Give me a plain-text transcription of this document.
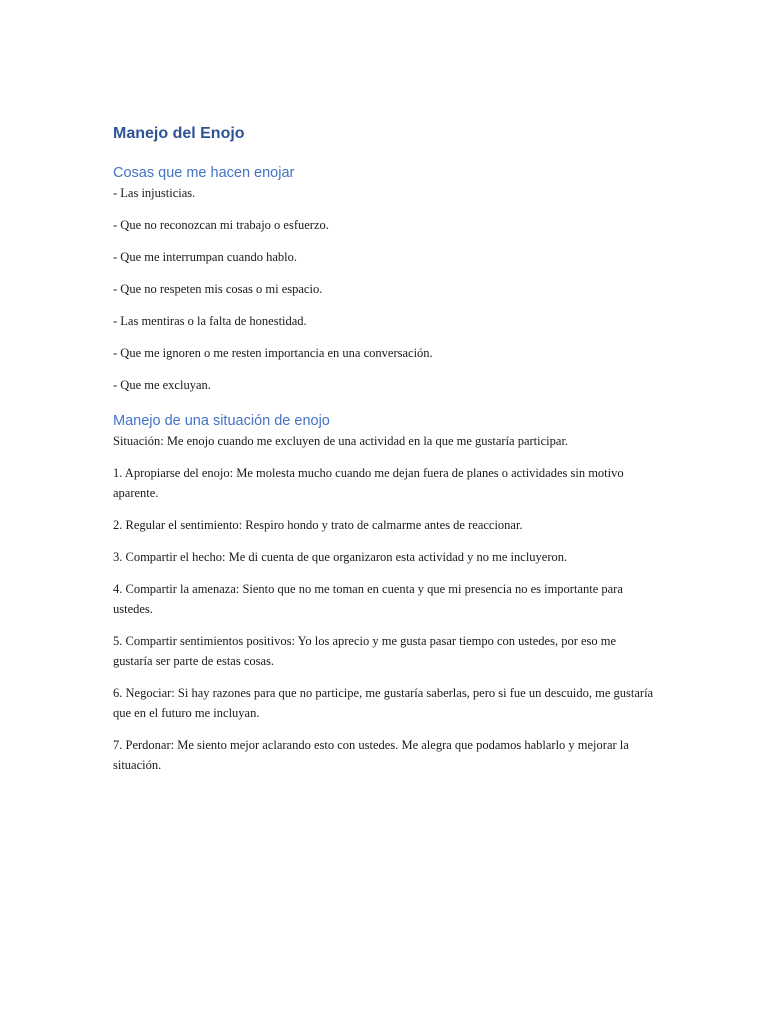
Manejo del Enojo
Cosas que me hacen enojar

- Las injusticias.

- Que no reconozcan mi trabajo o esfuerzo.

- Que me interrumpan cuando hablo.

- Que no respeten mis cosas o mi espacio.

- Las mentiras o la falta de honestidad.

- Que me ignoren o me resten importancia en una conversación.

- Que me excluyan.

Manejo de una situación de enojo

Situación: Me enojo cuando me excluyen de una actividad en la que me gustaría participar.

1. Apropiarse del enojo: Me molesta mucho cuando me dejan fuera de planes o actividades sin motivo aparente.

2. Regular el sentimiento: Respiro hondo y trato de calmarme antes de reaccionar.

3. Compartir el hecho: Me di cuenta de que organizaron esta actividad y no me incluyeron.

4. Compartir la amenaza: Siento que no me toman en cuenta y que mi presencia no es importante para ustedes.

5. Compartir sentimientos positivos: Yo los aprecio y me gusta pasar tiempo con ustedes, por eso me gustaría ser parte de estas cosas.

6. Negociar: Si hay razones para que no participe, me gustaría saberlas, pero si fue un descuido, me gustaría que en el futuro me incluyan.

7. Perdonar: Me siento mejor aclarando esto con ustedes. Me alegra que podamos hablarlo y mejorar la situación.
